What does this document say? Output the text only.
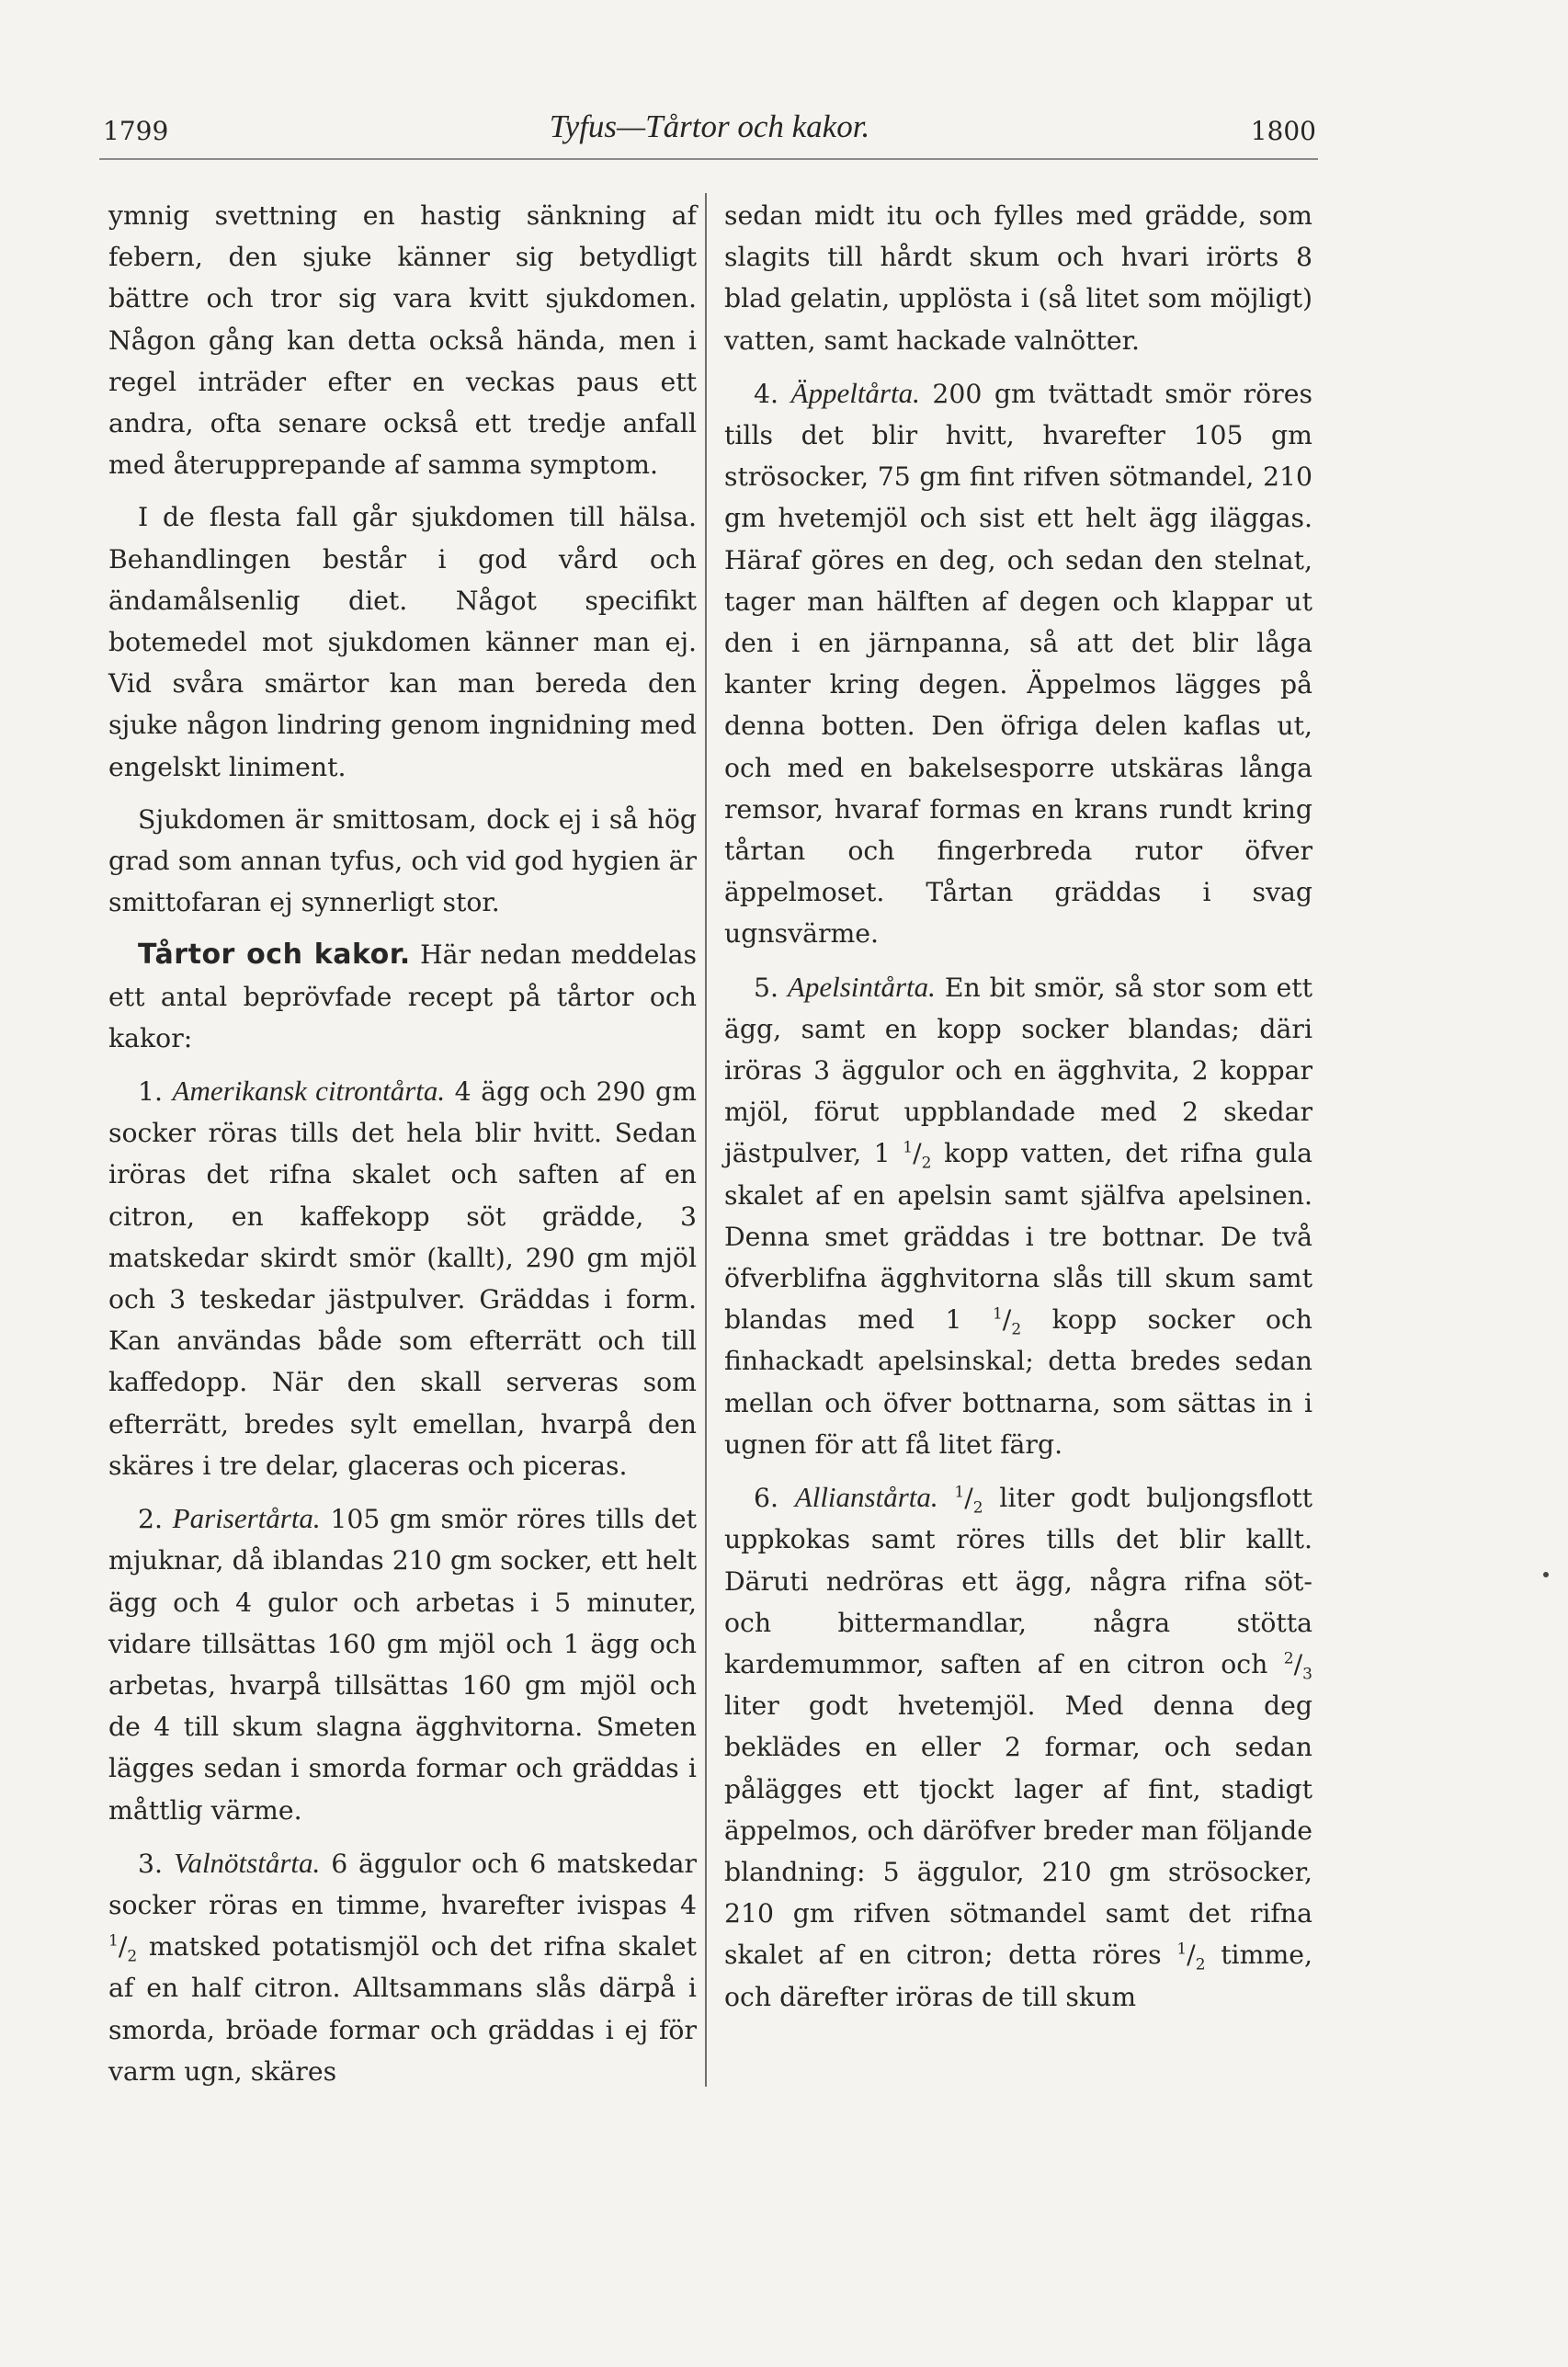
1799	Tyfus—Tårtor och kakor.	1800

ymnig svettning en hastig sänkning af febern, den sjuke känner sig betydligt bättre och tror sig vara kvitt sjukdomen. Någon gång kan detta också hända, men i regel inträder efter en veckas paus ett andra, ofta senare också ett tredje anfall med återupprepande af samma symptom.

I de flesta fall går sjukdomen till hälsa. Behandlingen består i god vård och ändamålsenlig diet. Något specifikt botemedel mot sjukdomen känner man ej. Vid svåra smärtor kan man bereda den sjuke någon lindring genom ingnidning med engelskt liniment.

Sjukdomen är smittosam, dock ej i så hög grad som annan tyfus, och vid god hygien är smittofaran ej synnerligt stor.

Tårtor och kakor. Här nedan meddelas ett antal beprövfade recept på tårtor och kakor:

1. Amerikansk citrontårta. 4 ägg och 290 gm socker röras tills det hela blir hvitt. Sedan iröras det rifna skalet och saften af en citron, en kaffekopp söt grädde, 3 matskedar skirdt smör (kallt), 290 gm mjöl och 3 teskedar jästpulver. Gräddas i form. Kan användas både som efterrätt och till kaffedopp. När den skall serveras som efterrätt, bredes sylt emellan, hvarpå den skäres i tre delar, glaceras och piceras.

2. Parisertårta. 105 gm smör röres tills det mjuknar, då iblandas 210 gm socker, ett helt ägg och 4 gulor och arbetas i 5 minuter, vidare tillsättas 160 gm mjöl och 1 ägg och arbetas, hvarpå tillsättas 160 gm mjöl och de 4 till skum slagna ägghvitorna. Smeten lägges sedan i smorda formar och gräddas i måttlig värme.

3. Valnötstårta. 6 äggulor och 6 matskedar socker röras en timme, hvarefter ivispas 4 $^1/_2$ matsked potatismjöl och det rifna skalet af en half citron. Alltsammans slås därpå i smorda, bröade formar och gräddas i ej för varm ugn, skäres

sedan midt itu och fylles med grädde, som slagits till hårdt skum och hvari irörts 8 blad gelatin, upplösta i (så litet som möjligt) vatten, samt hackade valnötter.

4. Äppeltårta. 200 gm tvättadt smör röres tills det blir hvitt, hvarefter 105 gm strösocker, 75 gm fint rifven sötmandel, 210 gm hvetemjöl och sist ett helt ägg iläggas. Häraf göres en deg, och sedan den stelnat, tager man hälften af degen och klappar ut den i en järnpanna, så att det blir låga kanter kring degen. Äppelmos lägges på denna botten. Den öfriga delen kaflas ut, och med en bakelsesporre utskäras långa remsor, hvaraf formas en krans rundt kring tårtan och fingerbreda rutor öfver äppelmoset. Tårtan gräddas i svag ugnsvärme.

5. Apelsintårta. En bit smör, så stor som ett ägg, samt en kopp socker blandas; däri iröras 3 äggulor och en ägghvita, 2 koppar mjöl, förut uppblandade med 2 skedar jästpulver, 1 $^1/_2$ kopp vatten, det rifna gula skalet af en apelsin samt själfva apelsinen. Denna smet gräddas i tre bottnar. De två öfverblifna ägghvitorna slås till skum samt blandas med 1 $^1/_2$ kopp socker och finhackadt apelsinskal; detta bredes sedan mellan och öfver bottnarna, som sättas in i ugnen för att få litet färg.

6. Allianstårta. $^1/_2$ liter godt buljongsflott uppkokas samt röres tills det blir kallt. Däruti nedröras ett ägg, några rifna söt- och bittermandlar, några stötta kardemummor, saften af en citron och $^2/_3$ liter godt hvetemjöl. Med denna deg beklädes en eller 2 formar, och sedan pålägges ett tjockt lager af fint, stadigt äppelmos, och däröfver breder man följande blandning: 5 äggulor, 210 gm strösocker, 210 gm rifven sötmandel samt det rifna skalet af en citron; detta röres $^1/_2$ timme, och därefter iröras de till skum
